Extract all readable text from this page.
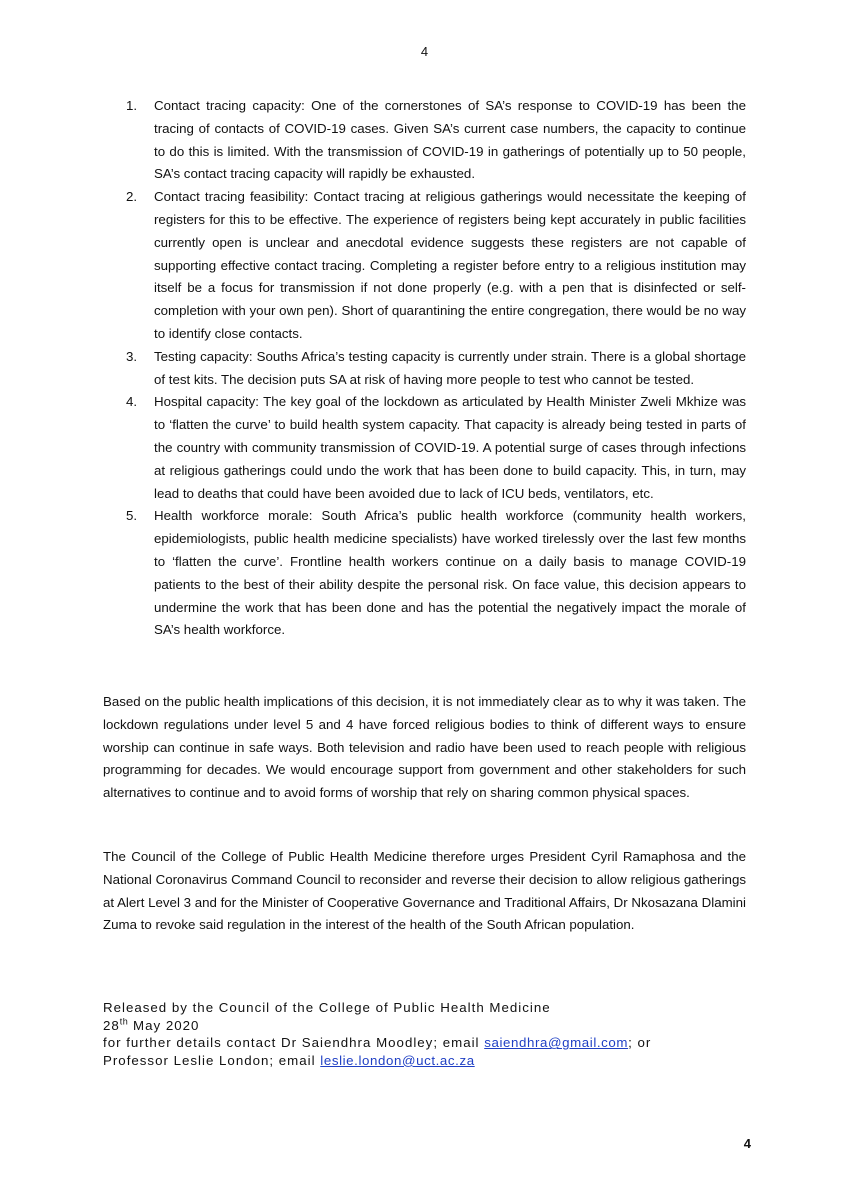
4
1. Contact tracing capacity: One of the cornerstones of SA’s response to COVID-19 has been the tracing of contacts of COVID-19 cases. Given SA’s current case numbers, the capacity to continue to do this is limited. With the transmission of COVID-19 in gatherings of potentially up to 50 people, SA’s contact tracing capacity will rapidly be exhausted.
2. Contact tracing feasibility: Contact tracing at religious gatherings would necessitate the keeping of registers for this to be effective. The experience of registers being kept accurately in public facilities currently open is unclear and anecdotal evidence suggests these registers are not capable of supporting effective contact tracing. Completing a register before entry to a religious institution may itself be a focus for transmission if not done properly (e.g. with a pen that is disinfected or self-completion with your own pen). Short of quarantining the entire congregation, there would be no way to identify close contacts.
3. Testing capacity: Souths Africa’s testing capacity is currently under strain. There is a global shortage of test kits. The decision puts SA at risk of having more people to test who cannot be tested.
4. Hospital capacity: The key goal of the lockdown as articulated by Health Minister Zweli Mkhize was to ‘flatten the curve’ to build health system capacity. That capacity is already being tested in parts of the country with community transmission of COVID-19. A potential surge of cases through infections at religious gatherings could undo the work that has been done to build capacity. This, in turn, may lead to deaths that could have been avoided due to lack of ICU beds, ventilators, etc.
5. Health workforce morale: South Africa’s public health workforce (community health workers, epidemiologists, public health medicine specialists) have worked tirelessly over the last few months to ‘flatten the curve’. Frontline health workers continue on a daily basis to manage COVID-19 patients to the best of their ability despite the personal risk. On face value, this decision appears to undermine the work that has been done and has the potential the negatively impact the morale of SA’s health workforce.

Based on the public health implications of this decision, it is not immediately clear as to why it was taken. The lockdown regulations under level 5 and 4 have forced religious bodies to think of different ways to ensure worship can continue in safe ways. Both television and radio have been used to reach people with religious programming for decades. We would encourage support from government and other stakeholders for such alternatives to continue and to avoid forms of worship that rely on sharing common physical spaces.

The Council of the College of Public Health Medicine therefore urges President Cyril Ramaphosa and the National Coronavirus Command Council to reconsider and reverse their decision to allow religious gatherings at Alert Level 3 and for the Minister of Cooperative Governance and Traditional Affairs, Dr Nkosazana Dlamini Zuma to revoke said regulation in the interest of the health of the South African population.

Released by the Council of the College of Public Health Medicine
28th May 2020
for further details contact Dr Saiendhra Moodley; email saiendhra@gmail.com; or
Professor Leslie London; email leslie.london@uct.ac.za
4
